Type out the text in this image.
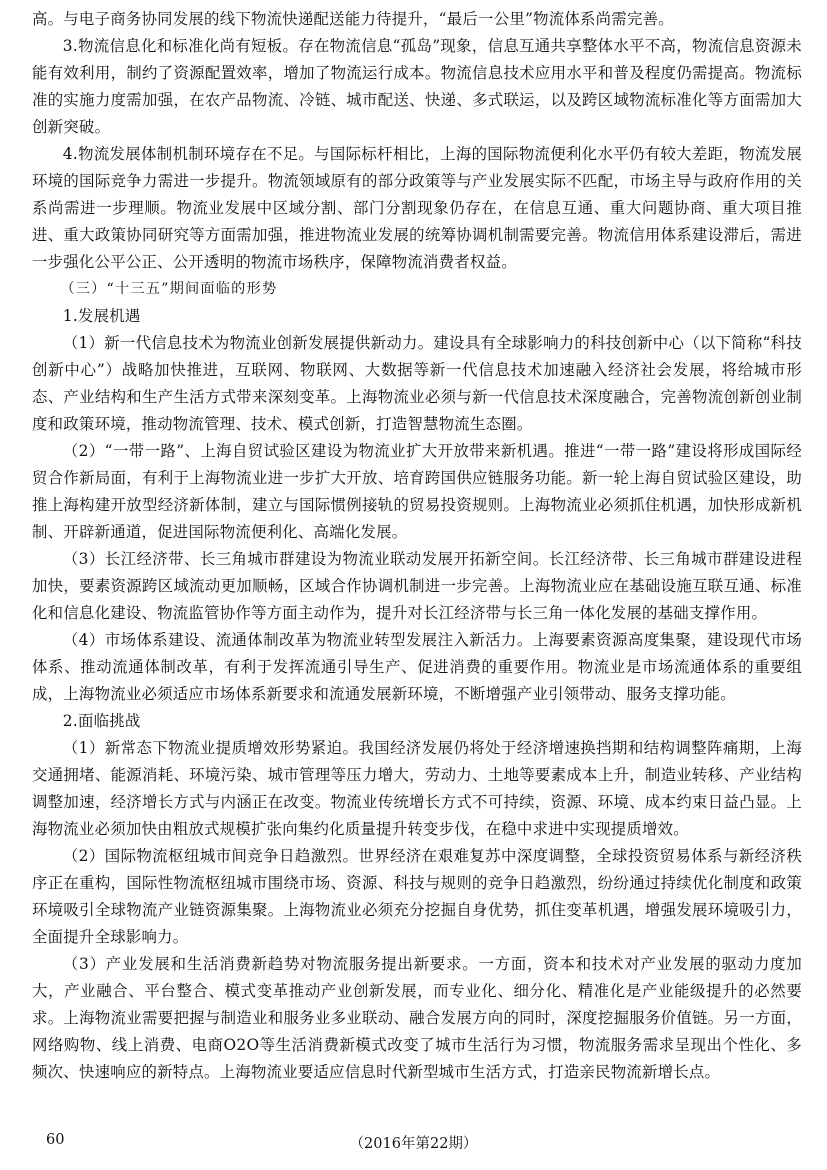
高。与电子商务协同发展的线下物流快递配送能力待提升，“最后一公里”物流体系尚需完善。

3.物流信息化和标准化尚有短板。存在物流信息“孤岛”现象，信息互通共享整体水平不高，物流信息资源未能有效利用，制约了资源配置效率，增加了物流运行成本。物流信息技术应用水平和普及程度仍需提高。物流标准的实施力度需加强，在农产品物流、冷链、城市配送、快递、多式联运，以及跨区域物流标准化等方面需加大创新突破。

4.物流发展体制机制环境存在不足。与国际标杆相比，上海的国际物流便利化水平仍有较大差距，物流发展环境的国际竞争力需进一步提升。物流领域原有的部分政策等与产业发展实际不匹配，市场主导与政府作用的关系尚需进一步理顺。物流业发展中区域分割、部门分割现象仍存在，在信息互通、重大问题协商、重大项目推进、重大政策协同研究等方面需加强，推进物流业发展的统筹协调机制需要完善。物流信用体系建设滞后，需进一步强化公平公正、公开透明的物流市场秩序，保障物流消费者权益。

（三）“十三五”期间面临的形势

1.发展机遇

（1）新一代信息技术为物流业创新发展提供新动力。建设具有全球影响力的科技创新中心（以下简称“科技创新中心”）战略加快推进，互联网、物联网、大数据等新一代信息技术加速融入经济社会发展，将给城市形态、产业结构和生产生活方式带来深刻变革。上海物流业必须与新一代信息技术深度融合，完善物流创新创业制度和政策环境，推动物流管理、技术、模式创新，打造智慧物流生态圈。

（2）“一带一路”、上海自贸试验区建设为物流业扩大开放带来新机遇。推进“一带一路”建设将形成国际经贸合作新局面，有利于上海物流业进一步扩大开放、培育跨国供应链服务功能。新一轮上海自贸试验区建设，助推上海构建开放型经济新体制，建立与国际惯例接轨的贸易投资规则。上海物流业必须抓住机遇，加快形成新机制、开辟新通道，促进国际物流便利化、高端化发展。

（3）长江经济带、长三角城市群建设为物流业联动发展开拓新空间。长江经济带、长三角城市群建设进程加快，要素资源跨区域流动更加顺畅，区域合作协调机制进一步完善。上海物流业应在基础设施互联互通、标准化和信息化建设、物流监管协作等方面主动作为，提升对长江经济带与长三角一体化发展的基础支撑作用。

（4）市场体系建设、流通体制改革为物流业转型发展注入新活力。上海要素资源高度集聚，建设现代市场体系、推动流通体制改革，有利于发挥流通引导生产、促进消费的重要作用。物流业是市场流通体系的重要组成，上海物流业必须适应市场体系新要求和流通发展新环境，不断增强产业引领带动、服务支撑功能。

2.面临挑战

（1）新常态下物流业提质增效形势紧迫。我国经济发展仍将处于经济增速换挡期和结构调整阵痛期，上海交通拥堵、能源消耗、环境污染、城市管理等压力增大，劳动力、土地等要素成本上升，制造业转移、产业结构调整加速，经济增长方式与内涵正在改变。物流业传统增长方式不可持续，资源、环境、成本约束日益凸显。上海物流业必须加快由粗放式规模扩张向集约化质量提升转变步伐，在稳中求进中实现提质增效。

（2）国际物流枢纽城市间竞争日趋激烈。世界经济在艰难复苏中深度调整，全球投资贸易体系与新经济秩序正在重构，国际性物流枢纽城市围绕市场、资源、科技与规则的竞争日趋激烈，纷纷通过持续优化制度和政策环境吸引全球物流产业链资源集聚。上海物流业必须充分挖掘自身优势，抓住变革机遇，增强发展环境吸引力，全面提升全球影响力。

（3）产业发展和生活消费新趋势对物流服务提出新要求。一方面，资本和技术对产业发展的驱动力度加大，产业融合、平台整合、模式变革推动产业创新发展，而专业化、细分化、精准化是产业能级提升的必然要求。上海物流业需要把握与制造业和服务业多业联动、融合发展方向的同时，深度挖掘服务价值链。另一方面，网络购物、线上消费、电商O2O等生活消费新模式改变了城市生活行为习惯，物流服务需求呈现出个性化、多频次、快速响应的新特点。上海物流业要适应信息时代新型城市生活方式，打造亲民物流新增长点。

60	（2016年第22期）
